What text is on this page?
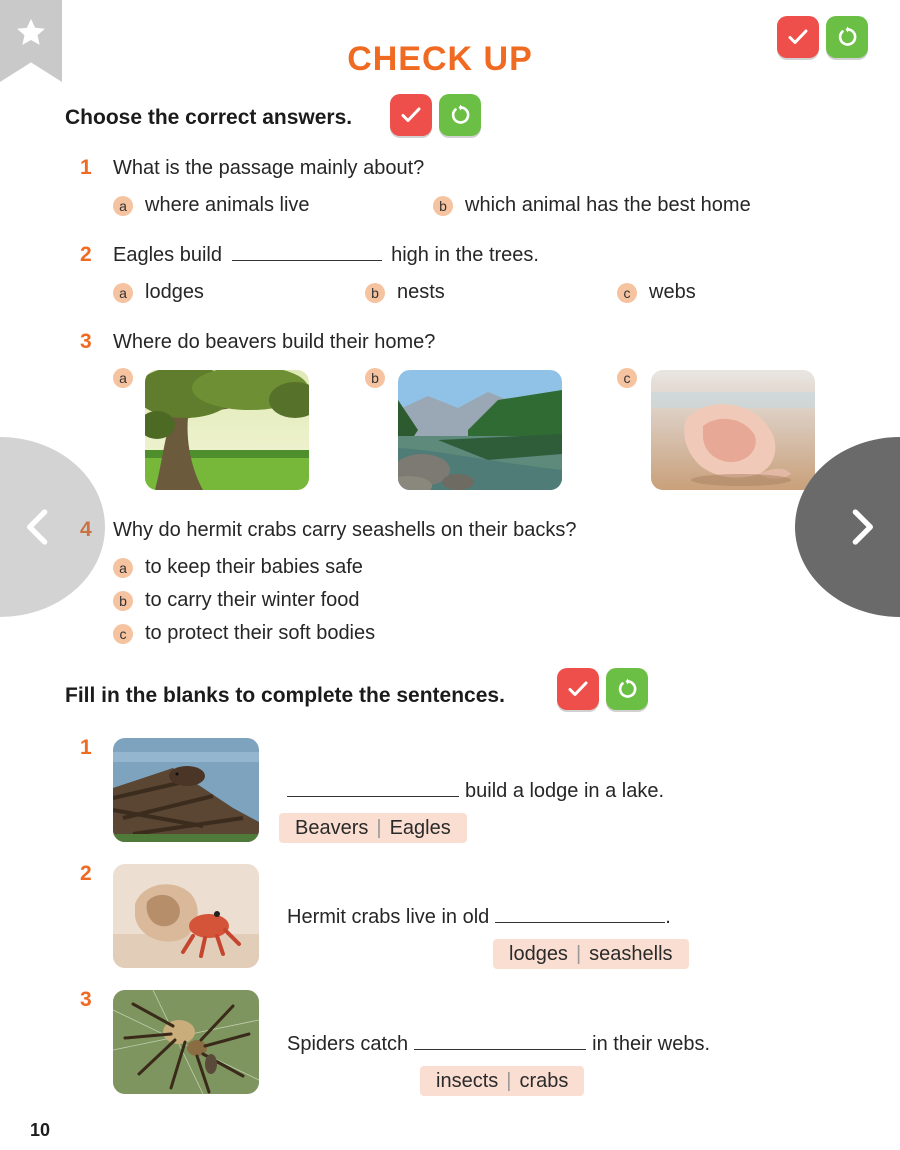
CHECK UP
Choose the correct answers.
1 What is the passage mainly about?
a where animals live	b which animal has the best home
2 Eagles build	high in the trees.
a lodges	b nests	c webs
3 Where do beavers build their home?
a	b	c
4 Why do hermit crabs carry seashells on their backs?
a to keep their babies safe
b to carry their winter food
c to protect their soft bodies
Fill in the blanks to complete the sentences.
1
build a lodge in a lake.
Beavers | Eagles
2
Hermit crabs live in old	.
lodges | seashells
3
Spiders catch	in their webs.
insects | crabs
10
